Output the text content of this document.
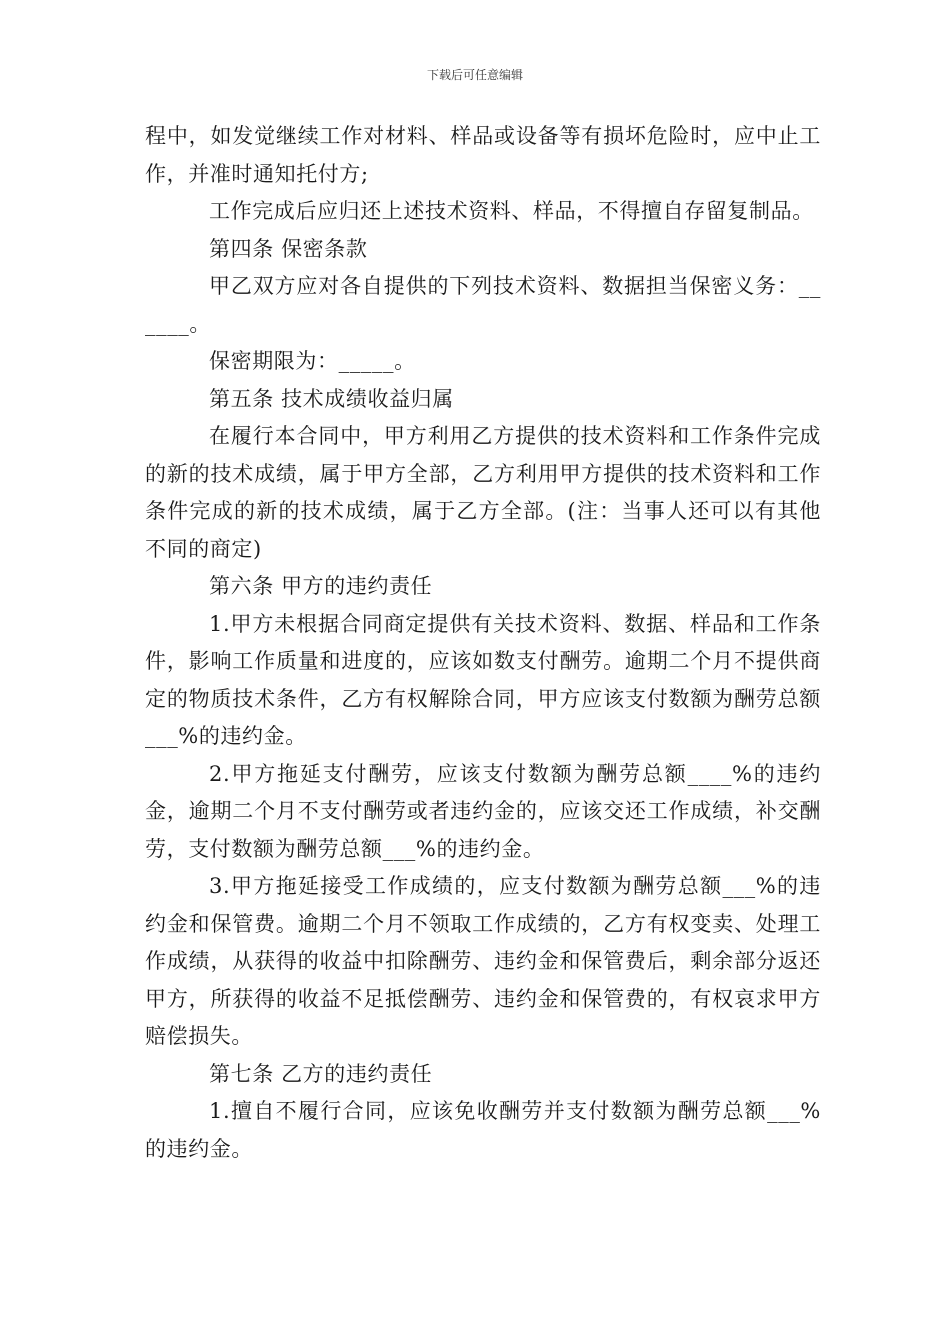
下载后可任意编辑

程中，如发觉继续工作对材料、样品或设备等有损坏危险时，应中止工作，并准时通知托付方;

工作完成后应归还上述技术资料、样品，不得擅自存留复制品。

第四条 保密条款

甲乙双方应对各自提供的下列技术资料、数据担当保密义务：______。

保密期限为：_____。

第五条 技术成绩收益归属

在履行本合同中，甲方利用乙方提供的技术资料和工作条件完成的新的技术成绩，属于甲方全部，乙方利用甲方提供的技术资料和工作条件完成的新的技术成绩，属于乙方全部。(注：当事人还可以有其他不同的商定)

第六条 甲方的违约责任

1.甲方未根据合同商定提供有关技术资料、数据、样品和工作条件，影响工作质量和进度的，应该如数支付酬劳。逾期二个月不提供商定的物质技术条件，乙方有权解除合同，甲方应该支付数额为酬劳总额___%的违约金。

2.甲方拖延支付酬劳，应该支付数额为酬劳总额____%的违约金，逾期二个月不支付酬劳或者违约金的，应该交还工作成绩，补交酬劳，支付数额为酬劳总额___%的违约金。

3.甲方拖延接受工作成绩的，应支付数额为酬劳总额___%的违约金和保管费。逾期二个月不领取工作成绩的，乙方有权变卖、处理工作成绩，从获得的收益中扣除酬劳、违约金和保管费后，剩余部分返还甲方，所获得的收益不足抵偿酬劳、违约金和保管费的，有权哀求甲方赔偿损失。

第七条 乙方的违约责任

1.擅自不履行合同，应该免收酬劳并支付数额为酬劳总额___%的违约金。
